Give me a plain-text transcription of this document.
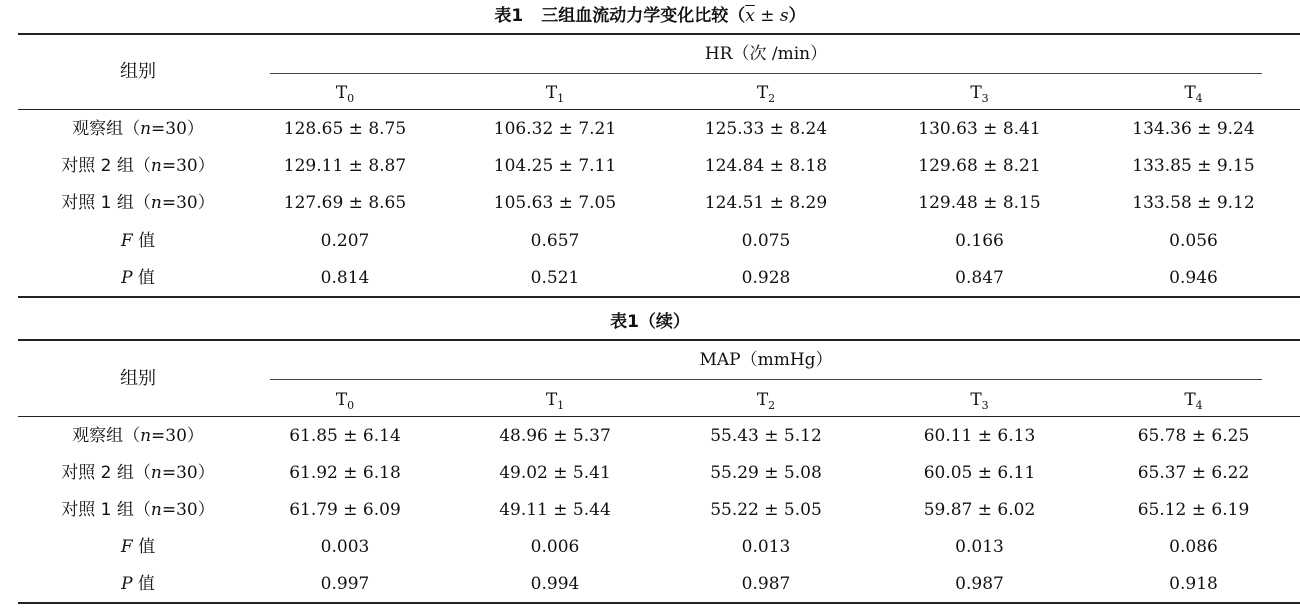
表1 三组血流动力学变化比较$(\overline{x} \pm s)$
组别
HR（次 /min）
$T_0$	$T_1$	$T_2$	$T_3$	$T_4$
观察组（n=30）	128.65 ± 8.75	106.32 ± 7.21	125.33 ± 8.24	130.63 ± 8.41	134.36 ± 9.24
对照 2 组（n=30）	129.11 ± 8.87	104.25 ± 7.11	124.84 ± 8.18	129.68 ± 8.21	133.85 ± 9.15
对照 1 组（n=30）	127.69 ± 8.65	105.63 ± 7.05	124.51 ± 8.29	129.48 ± 8.15	133.58 ± 9.12
F 值	0.207	0.657	0.075	0.166	0.056
P 值	0.814	0.521	0.928	0.847	0.946
表1（续）
组别
MAP（mmHg）
$T_0$	$T_1$	$T_2$	$T_3$	$T_4$
观察组（n=30）	61.85 ± 6.14	48.96 ± 5.37	55.43 ± 5.12	60.11 ± 6.13	65.78 ± 6.25
对照 2 组（n=30）	61.92 ± 6.18	49.02 ± 5.41	55.29 ± 5.08	60.05 ± 6.11	65.37 ± 6.22
对照 1 组（n=30）	61.79 ± 6.09	49.11 ± 5.44	55.22 ± 5.05	59.87 ± 6.02	65.12 ± 6.19
F 值	0.003	0.006	0.013	0.013	0.086
P 值	0.997	0.994	0.987	0.987	0.918
